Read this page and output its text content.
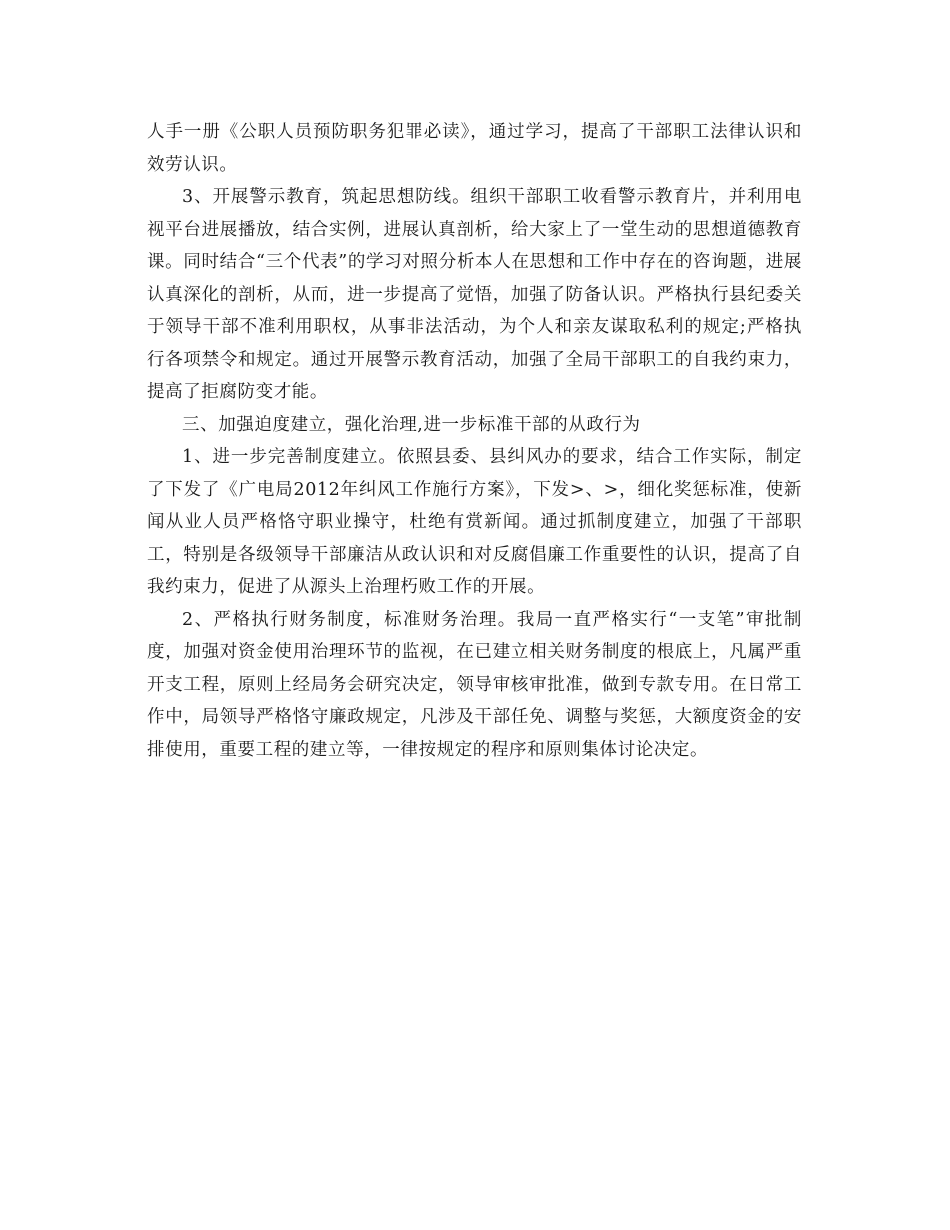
人手一册《公职人员预防职务犯罪必读》，通过学习，提高了干部职工法律认识和效劳认识。

3、开展警示教育，筑起思想防线。组织干部职工收看警示教育片，并利用电视平台进展播放，结合实例，进展认真剖析，给大家上了一堂生动的思想道德教育课。同时结合“三个代表”的学习对照分析本人在思想和工作中存在的咨询题，进展认真深化的剖析，从而，进一步提高了觉悟，加强了防备认识。严格执行县纪委关于领导干部不准利用职权，从事非法活动，为个人和亲友谋取私利的规定;严格执行各项禁令和规定。通过开展警示教育活动，加强了全局干部职工的自我约束力，提高了拒腐防变才能。

三、加强迫度建立，强化治理,进一步标准干部的从政行为

1、进一步完善制度建立。依照县委、县纠风办的要求，结合工作实际，制定了下发了《广电局2012年纠风工作施行方案》，下发>、>，细化奖惩标准，使新闻从业人员严格恪守职业操守，杜绝有赏新闻。通过抓制度建立，加强了干部职工，特别是各级领导干部廉洁从政认识和对反腐倡廉工作重要性的认识，提高了自我约束力，促进了从源头上治理朽败工作的开展。

2、严格执行财务制度，标准财务治理。我局一直严格实行“一支笔”审批制度，加强对资金使用治理环节的监视，在已建立相关财务制度的根底上，凡属严重开支工程，原则上经局务会研究决定，领导审核审批准，做到专款专用。在日常工作中，局领导严格恪守廉政规定，凡涉及干部任免、调整与奖惩，大额度资金的安排使用，重要工程的建立等，一律按规定的程序和原则集体讨论决定。
